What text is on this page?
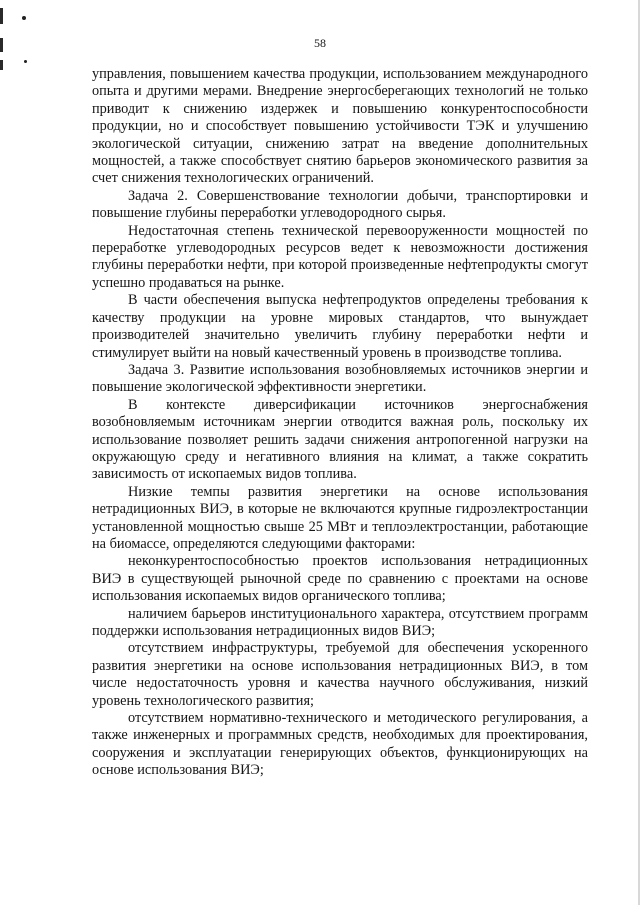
58

управления, повышением качества продукции, использованием международного опыта и другими мерами. Внедрение энергосберегающих технологий не только приводит к снижению издержек и повышению конкурентоспособности продукции, но и способствует повышению устойчивости ТЭК и улучшению экологической ситуации, снижению затрат на введение дополнительных мощностей, а также способствует снятию барьеров экономического развития за счет снижения технологических ограничений.

Задача 2. Совершенствование технологии добычи, транспортировки и повышение глубины переработки углеводородного сырья.

Недостаточная степень технической перевооруженности мощностей по переработке углеводородных ресурсов ведет к невозможности достижения глубины переработки нефти, при которой произведенные нефтепродукты смогут успешно продаваться на рынке.

В части обеспечения выпуска нефтепродуктов определены требования к качеству продукции на уровне мировых стандартов, что вынуждает производителей значительно увеличить глубину переработки нефти и стимулирует выйти на новый качественный уровень в производстве топлива.

Задача 3. Развитие использования возобновляемых источников энергии и повышение экологической эффективности энергетики.

В контексте диверсификации источников энергоснабжения возобновляемым источникам энергии отводится важная роль, поскольку их использование позволяет решить задачи снижения антропогенной нагрузки на окружающую среду и негативного влияния на климат, а также сократить зависимость от ископаемых видов топлива.

Низкие темпы развития энергетики на основе использования нетрадиционных ВИЭ, в которые не включаются крупные гидроэлектростанции установленной мощностью свыше 25 МВт и теплоэлектростанции, работающие на биомассе, определяются следующими факторами:

неконкурентоспособностью проектов использования нетрадиционных ВИЭ в существующей рыночной среде по сравнению с проектами на основе использования ископаемых видов органического топлива;

наличием барьеров институционального характера, отсутствием программ поддержки использования нетрадиционных видов ВИЭ;

отсутствием инфраструктуры, требуемой для обеспечения ускоренного развития энергетики на основе использования нетрадиционных ВИЭ, в том числе недостаточность уровня и качества научного обслуживания, низкий уровень технологического развития;

отсутствием нормативно-технического и методического регулирования, а также инженерных и программных средств, необходимых для проектирования, сооружения и эксплуатации генерирующих объектов, функционирующих на основе использования ВИЭ;
